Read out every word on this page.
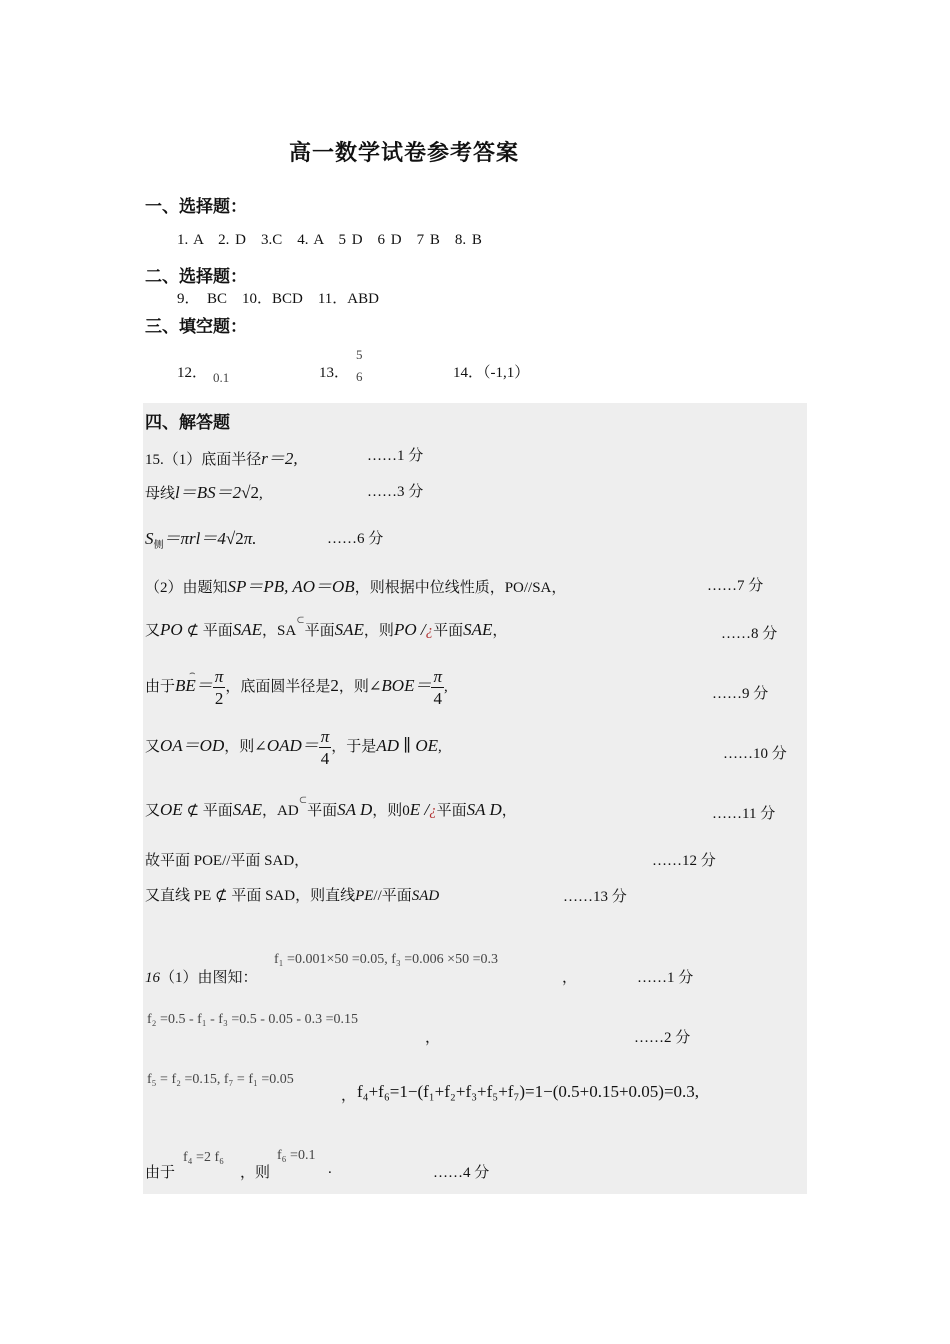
高一数学试卷参考答案
一、选择题：
1. A　2. D　3.C　4. A　5 D　6 D　7 B　8. B
二、选择题：
9．　BC　10．BCD　11．ABD
三、填空题：
12． 0.1	13．
5
6	14．（-1,1）
四、解答题
15.（1）底面半径r＝2,	……1 分
母线l＝BS＝2√2,	……3 分
$S_侧=\pi rl=4√2\pi$.	……6 分
（2）由题知SP＝PB, AO＝OB，则根据中位线性质，PO//SA，	……7 分
又PO ⊄ 平面SAE，SA⊂平面SAE，则PO /¿平面SAE，	……8 分
由于
⌢
$BE= \frac{\pi}{2}$ ，底面圆半径是2，则∠BOE＝ $\frac{\pi}{4}$ ,	……9 分
又OA＝OD，则∠OAD＝ $\frac{\pi}{4}$ ，于是AD ∥ OE,	……10 分
又OE ⊄ 平面SAE，AD⊂平面SA D，则0E /¿平面SA D，	……11 分
故平面 POE//平面 SAD，	……12 分
又直线 PE ⊄ 平面 SAD，则直线PE//平面SAD	……13 分
16（1）由图知：
f₁ =0.001×50 =0.05, f₃ =0.006 ×50 =0.3
，	……1 分
f₂ =0.5 - f₁ - f₃ =0.5 - 0.05 - 0.3 =0.15
，	……2 分
f₅ = f₂ =0.15, f₇ = f₁ =0.05
， f₄+f₆=1−(f₁+f₂+f₃+f₅+f₇)=1−(0.5+0.15+0.05)=0.3,
由于
f₄ =2 f₆
，则
f₆ =0.1
.	……4 分
